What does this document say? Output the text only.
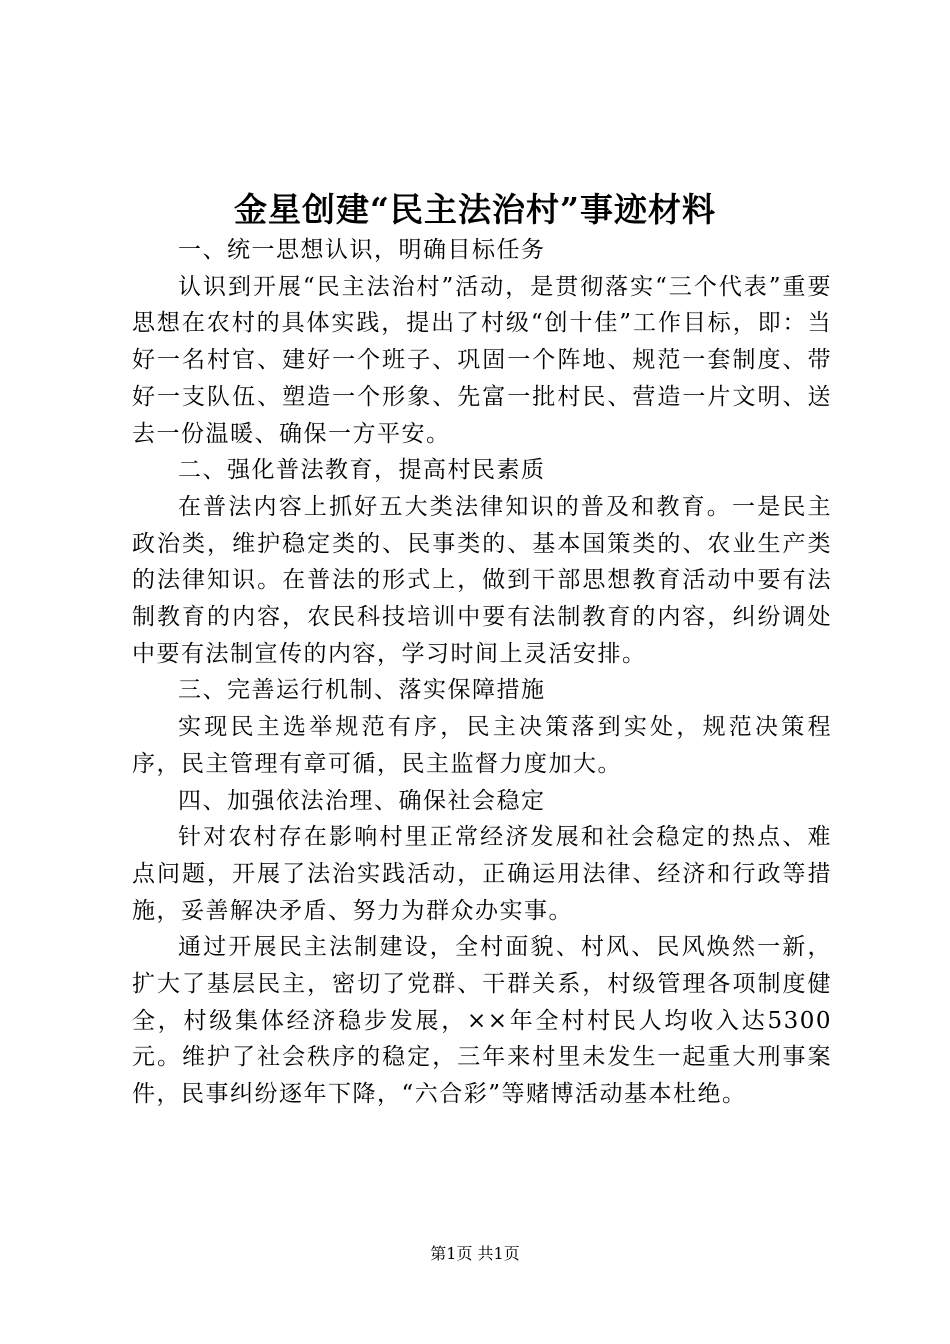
金星创建“民主法治村”事迹材料

一、统一思想认识，明确目标任务

认识到开展“民主法治村”活动，是贯彻落实“三个代表”重要思想在农村的具体实践，提出了村级“创十佳”工作目标，即：当好一名村官、建好一个班子、巩固一个阵地、规范一套制度、带好一支队伍、塑造一个形象、先富一批村民、营造一片文明、送去一份温暖、确保一方平安。

二、强化普法教育，提高村民素质

在普法内容上抓好五大类法律知识的普及和教育。一是民主政治类，维护稳定类的、民事类的、基本国策类的、农业生产类的法律知识。在普法的形式上，做到干部思想教育活动中要有法制教育的内容，农民科技培训中要有法制教育的内容，纠纷调处中要有法制宣传的内容，学习时间上灵活安排。

三、完善运行机制、落实保障措施

实现民主选举规范有序，民主决策落到实处，规范决策程序，民主管理有章可循，民主监督力度加大。

四、加强依法治理、确保社会稳定

针对农村存在影响村里正常经济发展和社会稳定的热点、难点问题，开展了法治实践活动，正确运用法律、经济和行政等措施，妥善解决矛盾、努力为群众办实事。

通过开展民主法制建设，全村面貌、村风、民风焕然一新，扩大了基层民主，密切了党群、干群关系，村级管理各项制度健全，村级集体经济稳步发展，××年全村村民人均收入达5300元。维护了社会秩序的稳定，三年来村里未发生一起重大刑事案件，民事纠纷逐年下降，“六合彩”等赌博活动基本杜绝。

第1页 共1页
